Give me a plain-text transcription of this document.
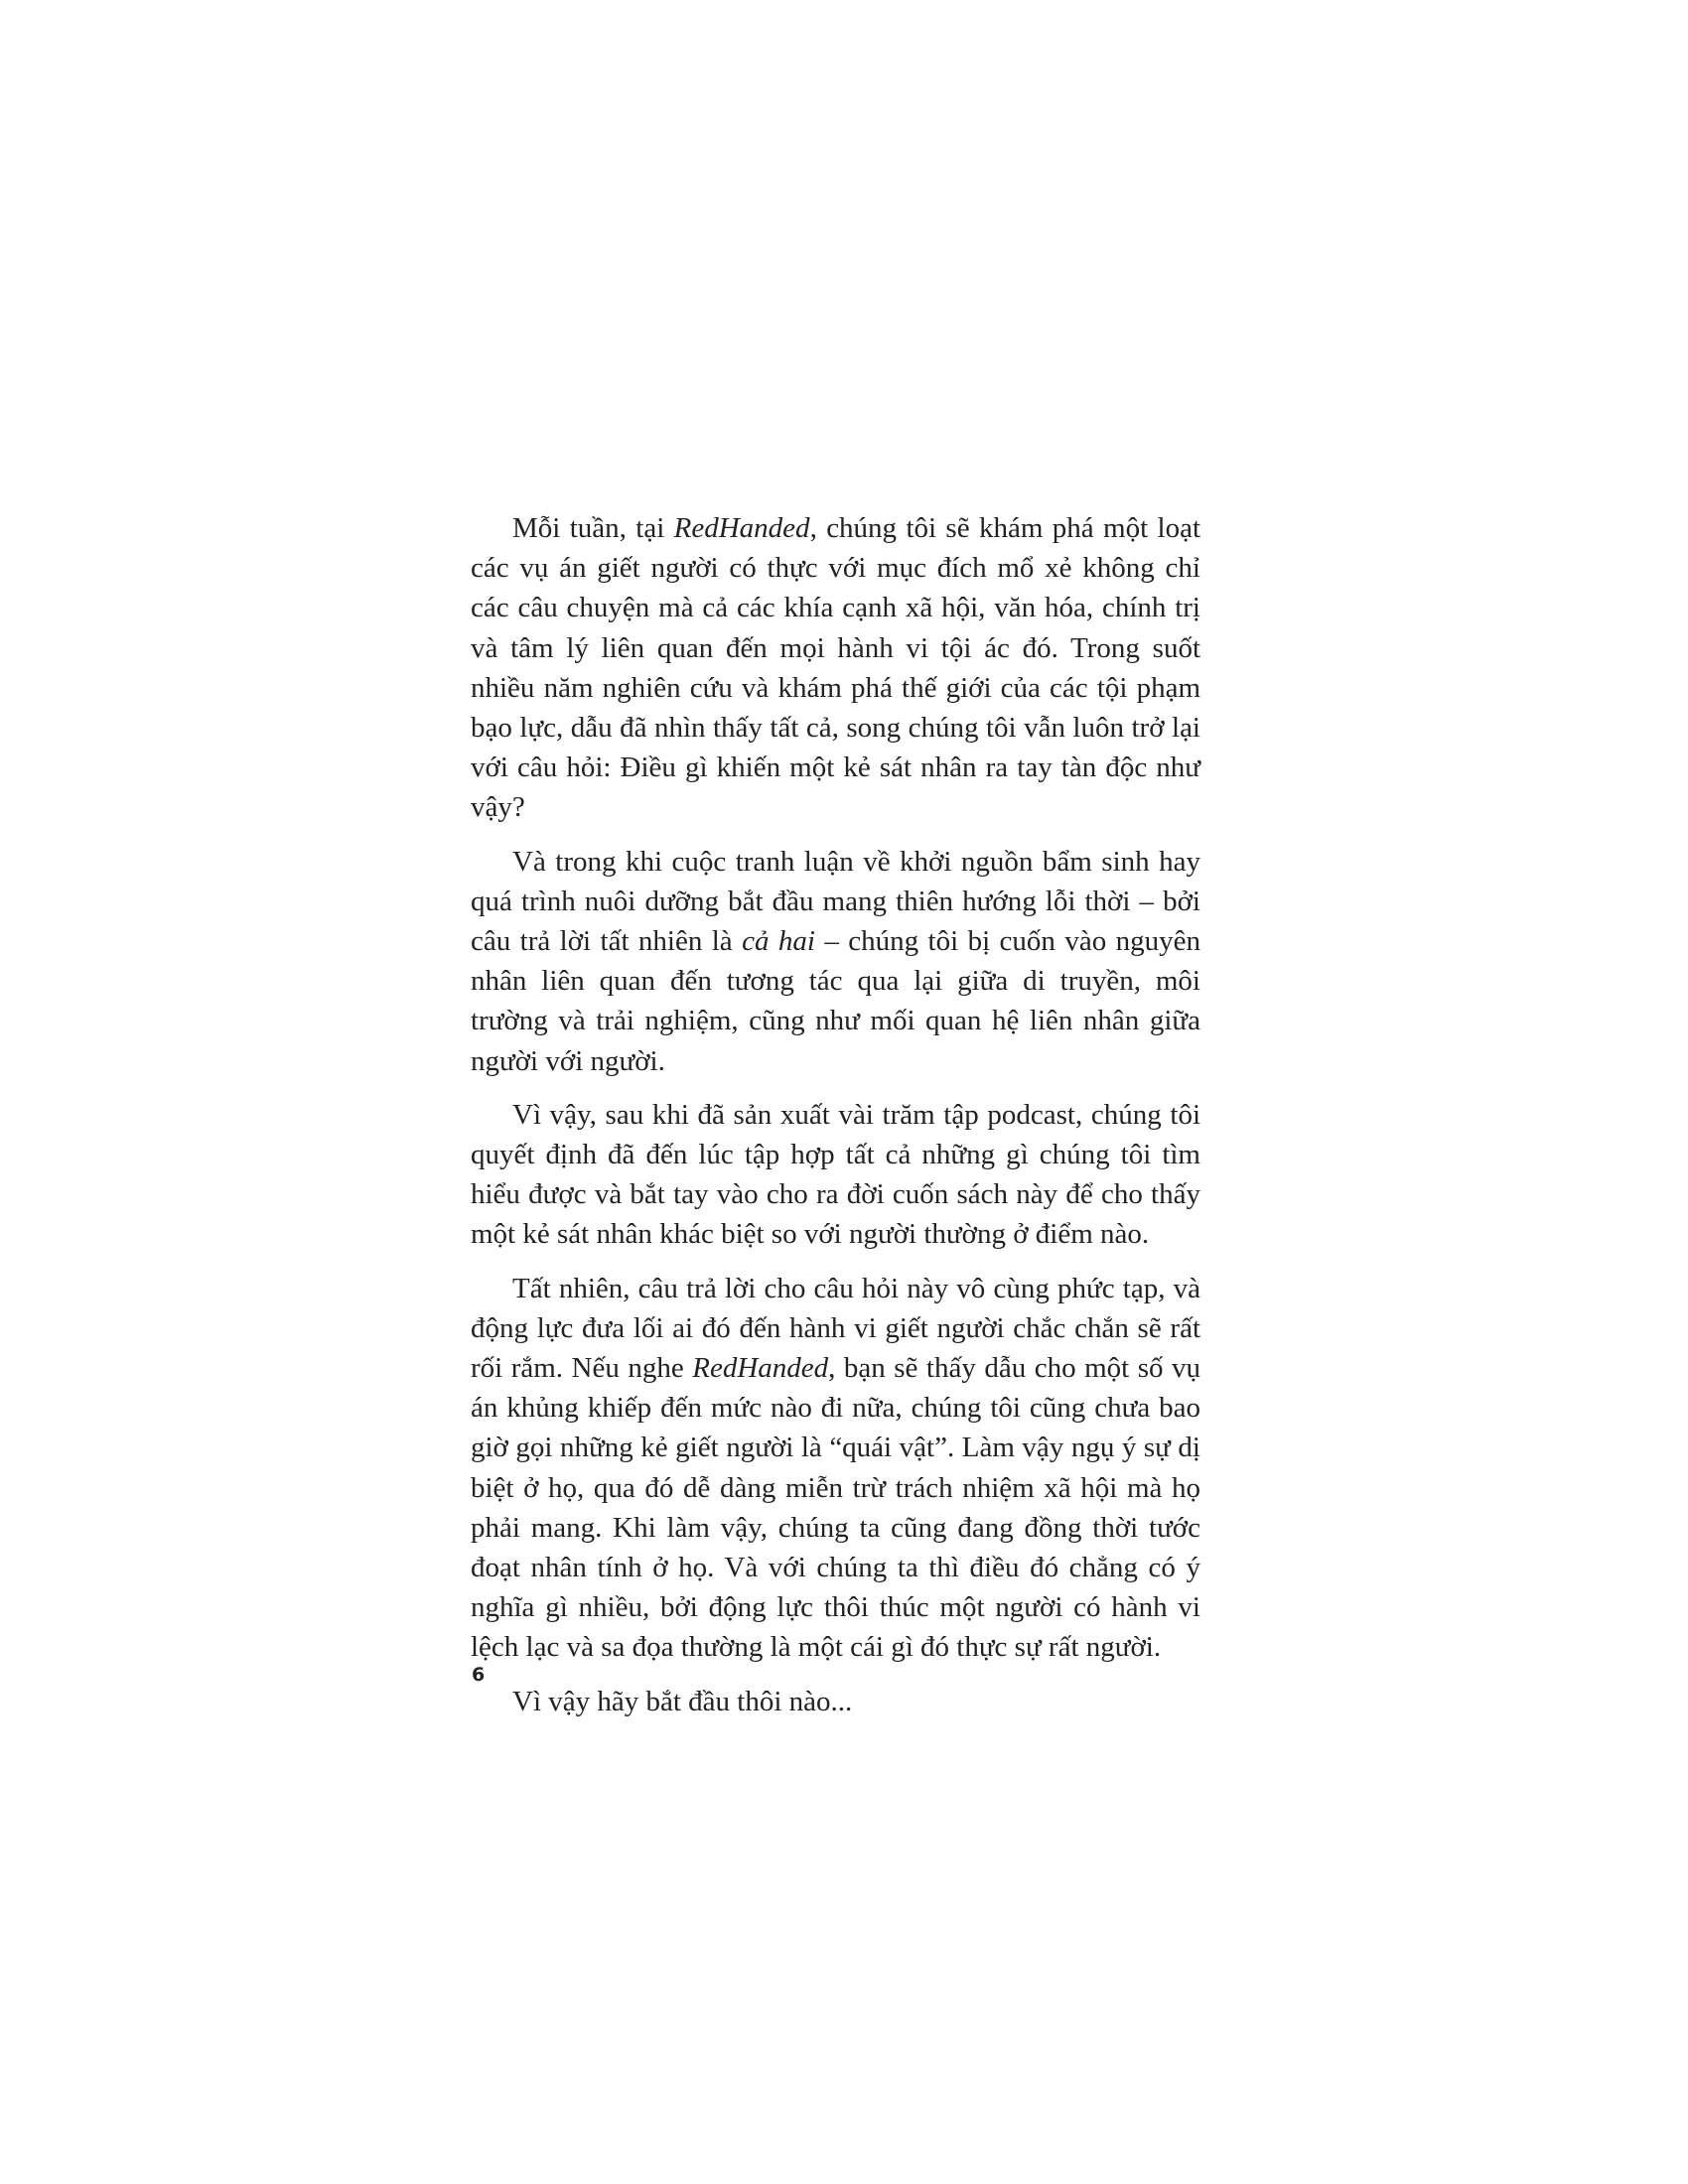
Mỗi tuần, tại RedHanded, chúng tôi sẽ khám phá một loạt các vụ án giết người có thực với mục đích mổ xẻ không chỉ các câu chuyện mà cả các khía cạnh xã hội, văn hóa, chính trị và tâm lý liên quan đến mọi hành vi tội ác đó. Trong suốt nhiều năm nghiên cứu và khám phá thế giới của các tội phạm bạo lực, dẫu đã nhìn thấy tất cả, song chúng tôi vẫn luôn trở lại với câu hỏi: Điều gì khiến một kẻ sát nhân ra tay tàn độc như vậy?

Và trong khi cuộc tranh luận về khởi nguồn bẩm sinh hay quá trình nuôi dưỡng bắt đầu mang thiên hướng lỗi thời – bởi câu trả lời tất nhiên là cả hai – chúng tôi bị cuốn vào nguyên nhân liên quan đến tương tác qua lại giữa di truyền, môi trường và trải nghiệm, cũng như mối quan hệ liên nhân giữa người với người.

Vì vậy, sau khi đã sản xuất vài trăm tập podcast, chúng tôi quyết định đã đến lúc tập hợp tất cả những gì chúng tôi tìm hiểu được và bắt tay vào cho ra đời cuốn sách này để cho thấy một kẻ sát nhân khác biệt so với người thường ở điểm nào.

Tất nhiên, câu trả lời cho câu hỏi này vô cùng phức tạp, và động lực đưa lối ai đó đến hành vi giết người chắc chắn sẽ rất rối rắm. Nếu nghe RedHanded, bạn sẽ thấy dẫu cho một số vụ án khủng khiếp đến mức nào đi nữa, chúng tôi cũng chưa bao giờ gọi những kẻ giết người là “quái vật”. Làm vậy ngụ ý sự dị biệt ở họ, qua đó dễ dàng miễn trừ trách nhiệm xã hội mà họ phải mang. Khi làm vậy, chúng ta cũng đang đồng thời tước đoạt nhân tính ở họ. Và với chúng ta thì điều đó chẳng có ý nghĩa gì nhiều, bởi động lực thôi thúc một người có hành vi lệch lạc và sa đọa thường là một cái gì đó thực sự rất người.

Vì vậy hãy bắt đầu thôi nào...

6
